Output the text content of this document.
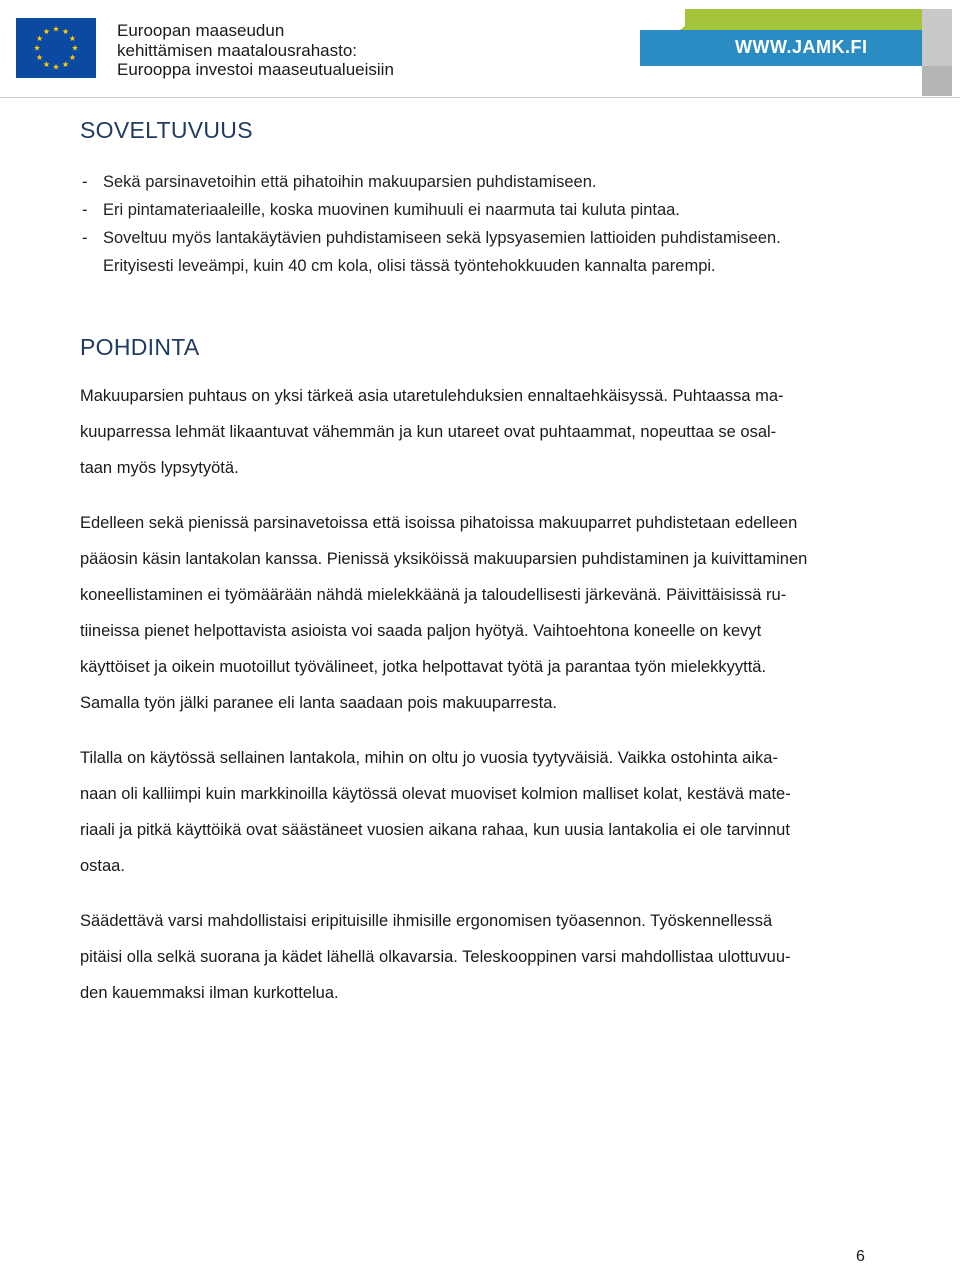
Euroopan maaseudun
kehittämisen maatalousrahasto:
Eurooppa investoi maaseutualueisiin
WWW.JAMK.FI
SOVELTUVUUS
- Sekä parsinavetoihin että pihatoihin makuuparsien puhdistamiseen.
- Eri pintamateriaaleille, koska muovinen kumihuuli ei naarmuta tai kuluta pintaa.
- Soveltuu myös lantakäytävien puhdistamiseen sekä lypsyasemien lattioiden puhdistamiseen.
Erityisesti leveämpi, kuin 40 cm kola, olisi tässä työntehokkuuden kannalta parempi.
POHDINTA
Makuuparsien puhtaus on yksi tärkeä asia utaretulehduksien ennaltaehkäisyssä. Puhtaassa ma-
kuuparressa lehmät likaantuvat vähemmän ja kun utareet ovat puhtaammat, nopeuttaa se osal-
taan myös lypsytyötä.
Edelleen sekä pienissä parsinavetoissa että isoissa pihatoissa makuuparret puhdistetaan edelleen
pääosin käsin lantakolan kanssa. Pienissä yksiköissä makuuparsien puhdistaminen ja kuivittaminen
koneellistaminen ei työmäärään nähdä mielekkäänä ja taloudellisesti järkevänä. Päivittäisissä ru-
tiineissa pienet helpottavista asioista voi saada paljon hyötyä. Vaihtoehtona koneelle on kevyt
käyttöiset ja oikein muotoillut työvälineet, jotka helpottavat työtä ja parantaa työn mielekkyyttä.
Samalla työn jälki paranee eli lanta saadaan pois makuuparresta.
Tilalla on käytössä sellainen lantakola, mihin on oltu jo vuosia tyytyväisiä. Vaikka ostohinta aika-
naan oli kalliimpi kuin markkinoilla käytössä olevat muoviset kolmion malliset kolat, kestävä mate-
riaali ja pitkä käyttöikä ovat säästäneet vuosien aikana rahaa, kun uusia lantakolia ei ole tarvinnut
ostaa.
Säädettävä varsi mahdollistaisi eripituisille ihmisille ergonomisen työasennon. Työskennellessä
pitäisi olla selkä suorana ja kädet lähellä olkavarsia. Teleskooppinen varsi mahdollistaa ulottuvuu-
den kauemmaksi ilman kurkottelua.
6
